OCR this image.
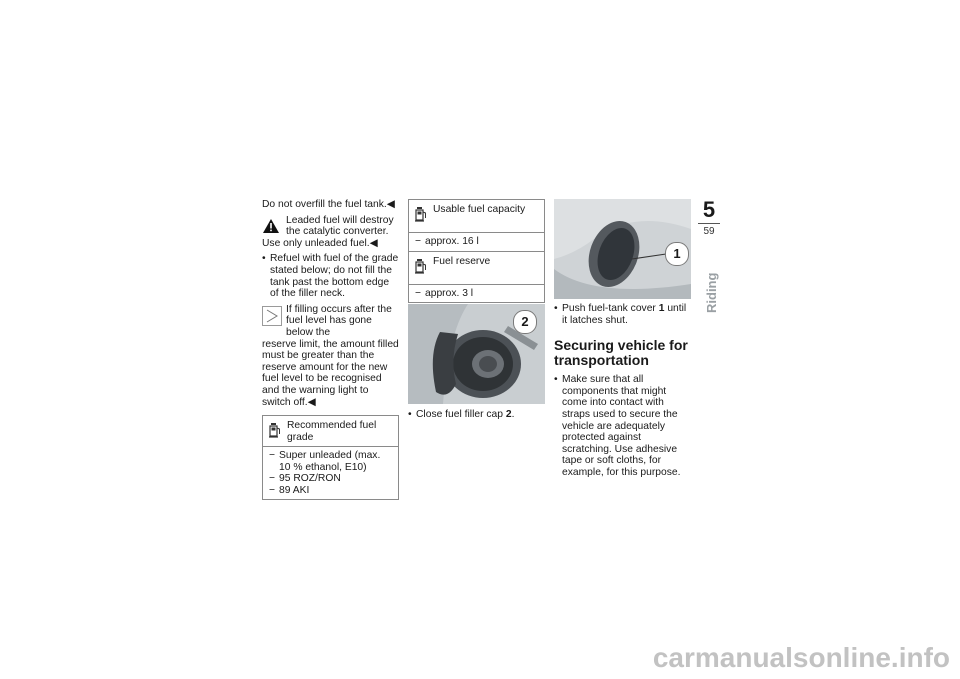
Do not overfill the fuel tank.◀

Leaded fuel will destroy the catalytic converter.

Use only unleaded fuel.◀

• Refuel with fuel of the grade stated below; do not fill the tank past the bottom edge of the filler neck.

If filling occurs after the fuel level has gone below the

reserve limit, the amount filled must be greater than the reserve amount for the new fuel level to be recognised and the warning light to switch off.◀

Recommended fuel grade
− Super unleaded (max. 10 % ethanol, E10)
− 95 ROZ/RON
− 89 AKI
Usable fuel capacity
− approx. 16 l
Fuel reserve
− approx. 3 l
2

• Close fuel filler cap 2.

1

• Push fuel-tank cover 1 until it latches shut.

Securing vehicle for transportation

• Make sure that all components that might come into contact with straps used to secure the vehicle are adequately protected against scratching. Use adhesive tape or soft cloths, for example, for this purpose.

5
59
Riding
carmanualsonline.info
